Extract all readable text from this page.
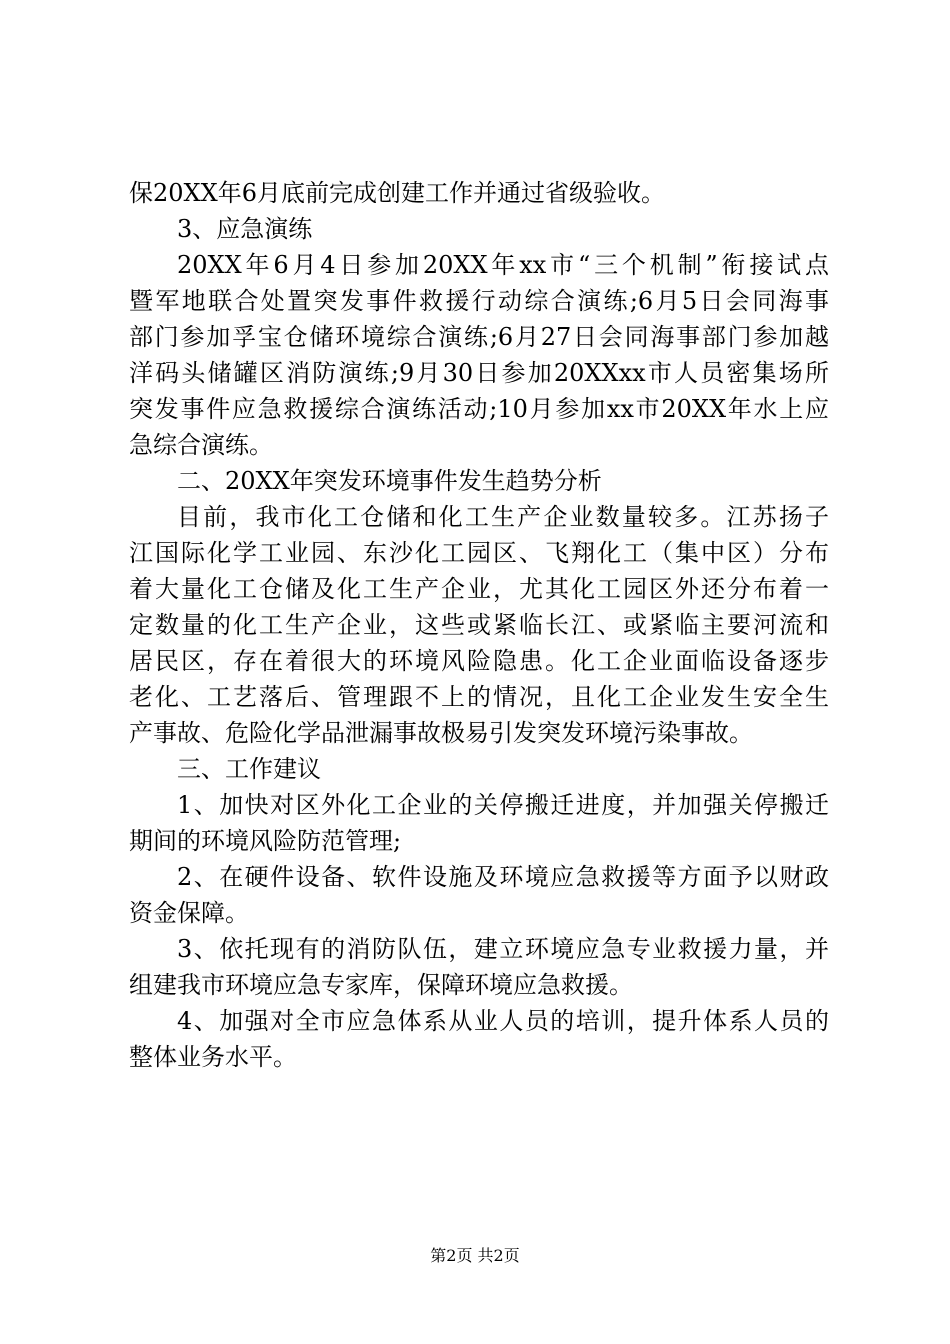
保20XX年6月底前完成创建工作并通过省级验收。
3、应急演练
20XX年6月4日参加20XX年xx市“三个机制”衔接试点
暨军地联合处置突发事件救援行动综合演练;6月5日会同海事
部门参加孚宝仓储环境综合演练;6月27日会同海事部门参加越
洋码头储罐区消防演练;9月30日参加20XXxx市人员密集场所
突发事件应急救援综合演练活动;10月参加xx市20XX年水上应
急综合演练。
二、20XX年突发环境事件发生趋势分析
目前，我市化工仓储和化工生产企业数量较多。江苏扬子
江国际化学工业园、东沙化工园区、飞翔化工（集中区）分布
着大量化工仓储及化工生产企业，尤其化工园区外还分布着一
定数量的化工生产企业，这些或紧临长江、或紧临主要河流和
居民区，存在着很大的环境风险隐患。化工企业面临设备逐步
老化、工艺落后、管理跟不上的情况，且化工企业发生安全生
产事故、危险化学品泄漏事故极易引发突发环境污染事故。
三、工作建议
1、加快对区外化工企业的关停搬迁进度，并加强关停搬迁
期间的环境风险防范管理;
2、在硬件设备、软件设施及环境应急救援等方面予以财政
资金保障。
3、依托现有的消防队伍，建立环境应急专业救援力量，并
组建我市环境应急专家库，保障环境应急救援。
4、加强对全市应急体系从业人员的培训，提升体系人员的
整体业务水平。
第2页 共2页
